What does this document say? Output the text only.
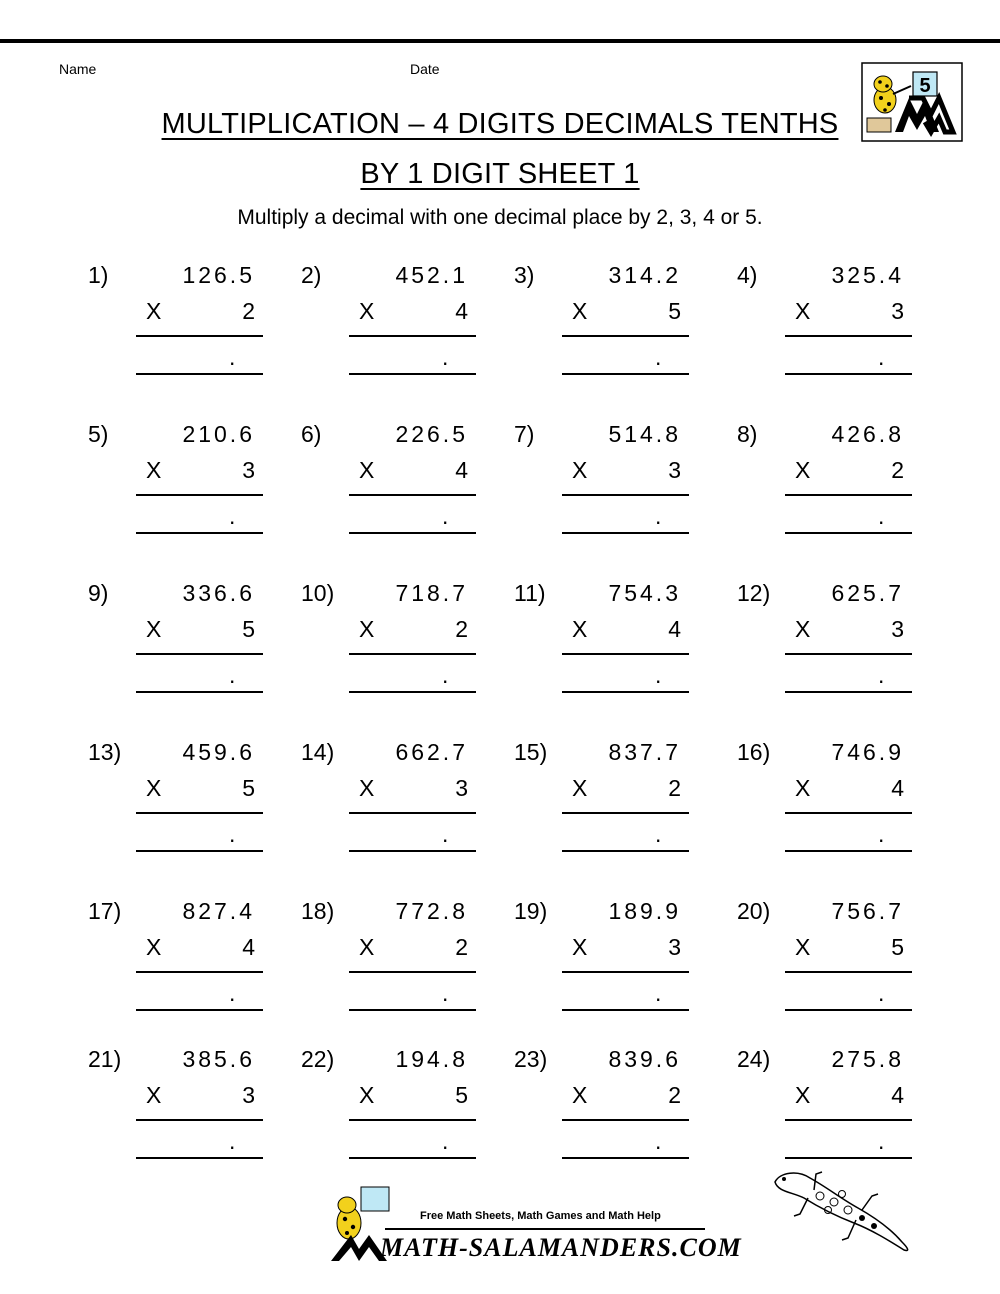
Name	Date
MULTIPLICATION – 4 DIGITS DECIMALS TENTHS
BY 1 DIGIT SHEET 1
Multiply a decimal with one decimal place by 2, 3, 4 or 5.
5
1)	126.5
X	2
.
2)	452.1
X	4
.
3)	314.2
X	5
.
4)	325.4
X	3
.
5)	210.6
X	3
.
6)	226.5
X	4
.
7)	514.8
X	3
.
8)	426.8
X	2
.
9)	336.6
X	5
.
10)	718.7
X	2
.
11)	754.3
X	4
.
12)	625.7
X	3
.
13)	459.6
X	5
.
14)	662.7
X	3
.
15)	837.7
X	2
.
16)	746.9
X	4
.
17)	827.4
X	4
.
18)	772.8
X	2
.
19)	189.9
X	3
.
20)	756.7
X	5
.
21)	385.6
X	3
.
22)	194.8
X	5
.
23)	839.6
X	2
.
24)	275.8
X	4
.
Free Math Sheets, Math Games and Math Help
MATH-SALAMANDERS.COM
